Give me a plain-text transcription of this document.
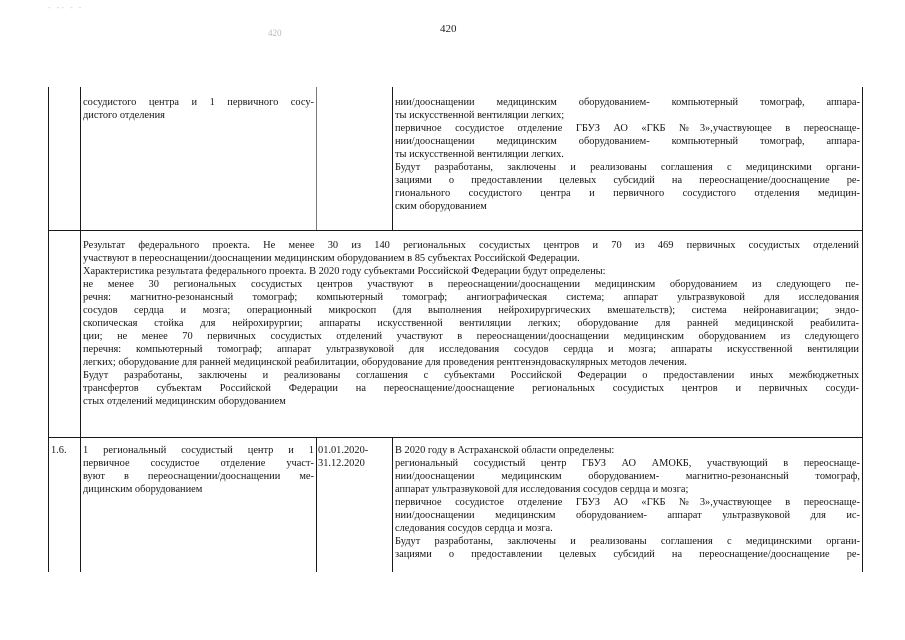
- -- - -
420	420
сосудистого центра и 1 первичного сосу-
дистого отделения
нии/дооснащении медицинским оборудованием- компьютерный томограф, аппара-
ты искусственной вентиляции легких;
первичное сосудистое отделение ГБУЗ АО «ГКБ №3»,участвующее в переоснаще-
нии/дооснащении медицинским оборудованием- компьютерный томограф, аппара-
ты искусственной вентиляции легких.
Будут разработаны, заключены и реализованы соглашения с медицинскими органи-
зациями о предоставлении целевых субсидий на переоснащение/дооснащение ре-
гионального сосудистого центра и первичного сосудистого отделения медицин-
ским оборудованием
Результат федерального проекта. Не менее 30 из 140 региональных сосудистых центров и 70 из 469 первичных сосудистых отделений
участвуют в переоснащении/дооснащении медицинским оборудованием в 85 субъектах Российской Федерации.
Характеристика результата федерального проекта. В 2020 году субъектами Российской Федерации будут определены:
не менее 30 региональных сосудистых центров участвуют в переоснащении/дооснащении медицинским оборудованием из следующего пе-
речня: магнитно-резонансный томограф; компьютерный томограф; ангиографическая система; аппарат ультразвуковой для исследования
сосудов сердца и мозга; операционный микроскоп (для выполнения нейрохирургических вмешательств); система нейронавигации; эндо-
скопическая стойка для нейрохирургии; аппараты искусственной вентиляции легких; оборудование для ранней медицинской реабилита-
ции; не менее 70 первичных сосудистых отделений участвуют в переоснащении/дооснащении медицинским оборудованием из следующего
перечня: компьютерный томограф; аппарат ультразвуковой для исследования сосудов сердца и мозга; аппараты искусственной вентиляции
легких; оборудование для ранней медицинской реабилитации, оборудование для проведения рентгенэндоваскулярных методов лечения.
Будут разработаны, заключены и реализованы соглашения с субъектами Российской Федерации о предоставлении иных межбюджетных
трансфертов субъектам Российской Федерации на переоснащение/дооснащение региональных сосудистых центров и первичных сосуди-
стых отделений медицинским оборудованием
1.6.	1 региональный сосудистый центр и 1
первичное сосудистое отделение участ-
вуют в переоснащении/дооснащении ме-
дицинским оборудованием
01.01.2020-
31.12.2020
В 2020 году в Астраханской области определены:
региональный сосудистый центр ГБУЗ АО АМОКБ, участвующий в переоснаще-
нии/дооснащении медицинским оборудованием- магнитно-резонансный томограф,
аппарат ультразвуковой для исследования сосудов сердца и мозга;
первичное сосудистое отделение ГБУЗ АО «ГКБ №3»,участвующее в переоснаще-
нии/дооснащении медицинским оборудованием- аппарат ультразвуковой для ис-
следования сосудов сердца и мозга.
Будут разработаны, заключены и реализованы соглашения с медицинскими органи-
зациями о предоставлении целевых субсидий на переоснащение/дооснащение ре-
